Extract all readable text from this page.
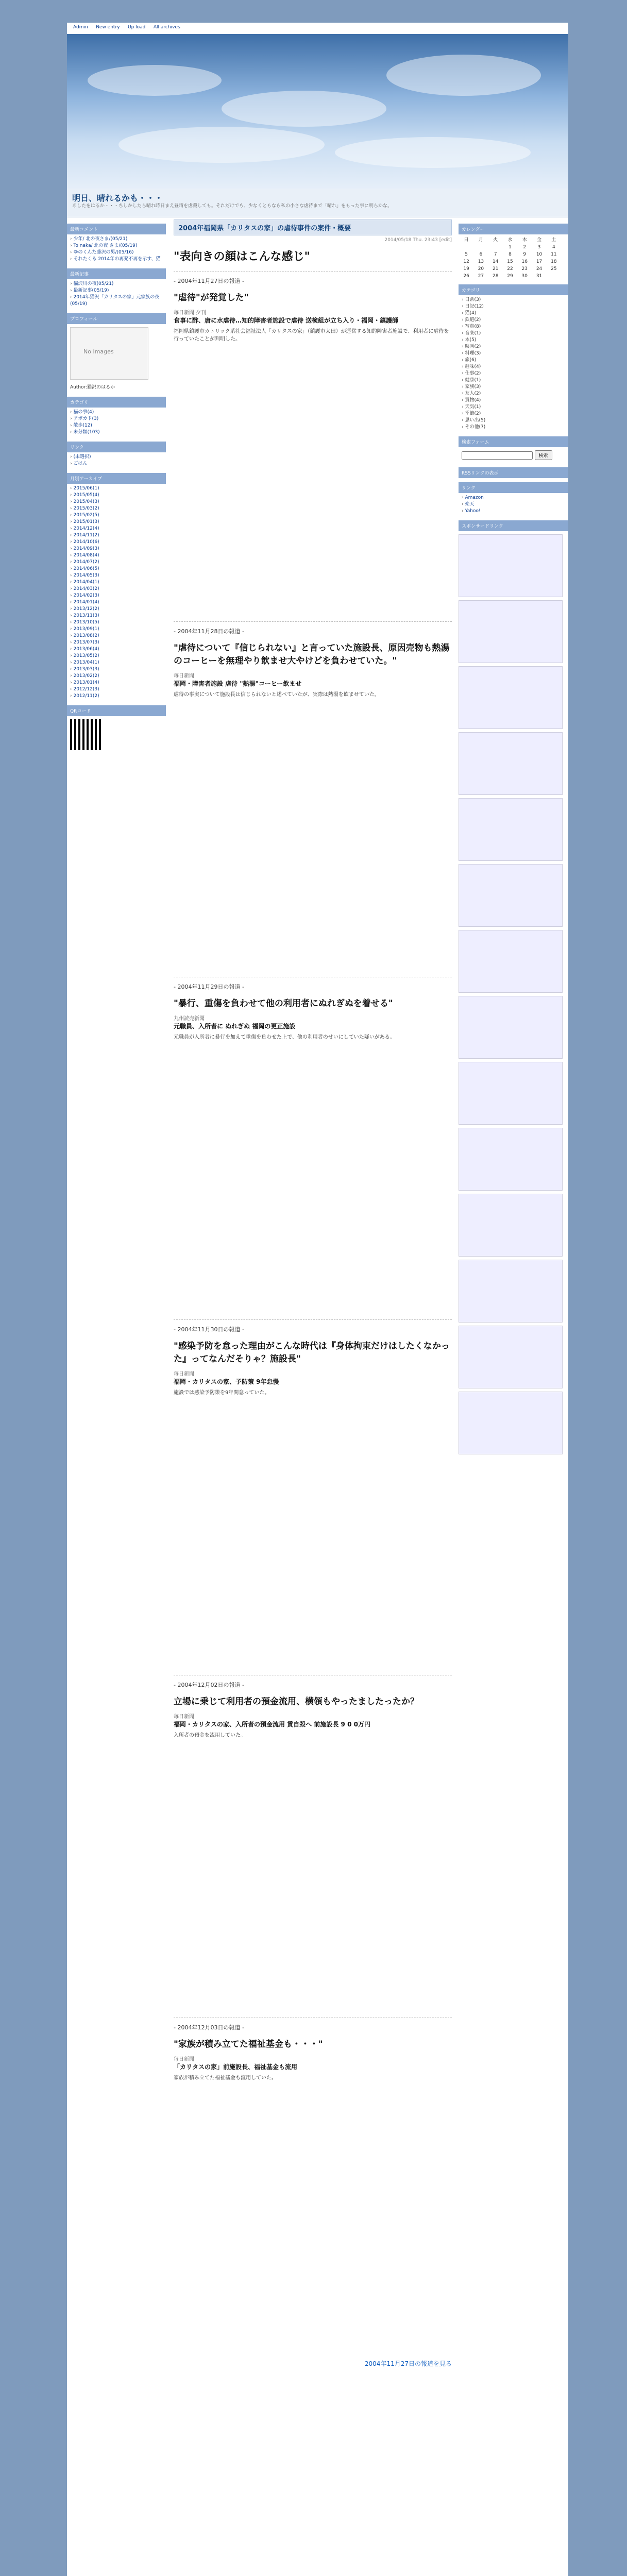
Admin New entry Up load All archives
明日、晴れるかも・・・
あしたをはるか・・・ちしかしたら晴れ時日まえ昼晴を虐殺しても。それだけでも、少なくともなら私の小さな虐待まで「晴れ」をもった事に明らかな。
最新コメント
› 少年/ 北の夜さま/(05/21)
› To naka/ 北の夜 さま/(05/19)
› ゆのくんた藤沢の男/(05/16)
› それたくる 2014年の再発不再を示す、猫
最新記事
› 猫沢川の夜(05/21)
› 最新記事(05/19)
› 2014年猫沢「カリタスの家」元家族の夜(05/19)
プロフィール
No Images
Author:猫沢のはるか
カテゴリ
› 猫の事(4)
› アボカド(3)
› 散歩(12)
› 未分類(103)
リンク
› (未選択)
› ごはん
月別アーカイブ
› 2015/06(1)
› 2015/05(4)
› 2015/04(3)
› 2015/03(2)
› 2015/02(5)
› 2015/01(3)
› 2014/12(4)
› 2014/11(2)
› 2014/10(6)
› 2014/09(3)
› 2014/08(4)
› 2014/07(2)
› 2014/06(5)
› 2014/05(3)
› 2014/04(1)
› 2014/03(2)
› 2014/02(3)
› 2014/01(4)
› 2013/12(2)
› 2013/11(3)
› 2013/10(5)
› 2013/09(1)
› 2013/08(2)
› 2013/07(3)
› 2013/06(4)
› 2013/05(2)
› 2013/04(1)
› 2013/03(3)
› 2013/02(2)
› 2013/01(4)
› 2012/12(3)
› 2012/11(2)
QRコード
2004年福岡県「カリタスの家」の虐待事件の案件・概要
2014/05/18 Thu. 23:43 [edit]
"表向きの顔はこんな感じ"
- 2004年11月27日の報道 -
"虐待"が発覚した"
毎日新聞 夕刊
食事に酢、唐に水虐待…知的障害者施設で虐待 送検組が立ち入り・福岡・鎮護師
福岡県鎮護市カトリック系社会福祉法人「カリタスの家」（鎮護市太田）が運営する知的障害者施設で、利用者に虐待を行っていたことが判明した。
- 2004年11月28日の報道 -
"虐待について『信じられない』と言っていた施設長、原因売物も熱湯のコーヒーを無理やり飲ませ大やけどを負わせていた。"
毎日新聞
福岡・障害者施設 虐待 "熱湯"コーヒー飲ませ
虐待の事実について施設長は信じられないと述べていたが、実際は熱湯を飲ませていた。
- 2004年11月29日の報道 -
"暴行、重傷を負わせて他の利用者にぬれぎぬを着せる"
九州読売新聞
元職員、入所者に ぬれぎぬ 福岡の更正施設
元職員が入所者に暴行を加えて重傷を負わせた上で、他の利用者のせいにしていた疑いがある。
- 2004年11月30日の報道 -
"感染予防を怠った理由がこんな時代は『身体拘束だけはしたくなかった』ってなんだそりゃ？施設長"
毎日新聞
福岡・カリタスの家、予防策 9年怠慢
施設では感染予防策を9年間怠っていた。
- 2004年12月02日の報道 -
立場に乗じて利用者の預金流用、横領もやったましたったか？
毎日新聞
福岡・カリタスの家、入所者の預金流用 賃自殺へ 前施設長 9 0 0万円
入所者の預金を流用していた。
- 2004年12月03日の報道 -
"家族が積み立てた福祉基金も・・・"
毎日新聞
「カリタスの家」前施設長、福祉基金も流用
家族が積み立てた福祉基金も流用していた。
2004年11月27日の報道を見る
カレンダー
日	月	火	水	木	金	土
			1	2	3	4
5	6	7	8	9	10	11
12	13	14	15	16	17	18
19	20	21	22	23	24	25
26	27	28	29	30	31	
カテゴリ
› 日常(3)
› 日記(12)
› 猫(4)
› 鉄道(2)
› 写真(8)
› 音楽(1)
› 本(5)
› 映画(2)
› 料理(3)
› 旅(6)
› 趣味(4)
› 仕事(2)
› 健康(1)
› 家族(3)
› 友人(2)
› 買物(4)
› 天気(1)
› 季節(2)
› 思い出(5)
› その他(7)
検索フォーム
検索
RSSリンクの表示
リンク
› Amazon
› 楽天
› Yahoo!
スポンサードリンク
